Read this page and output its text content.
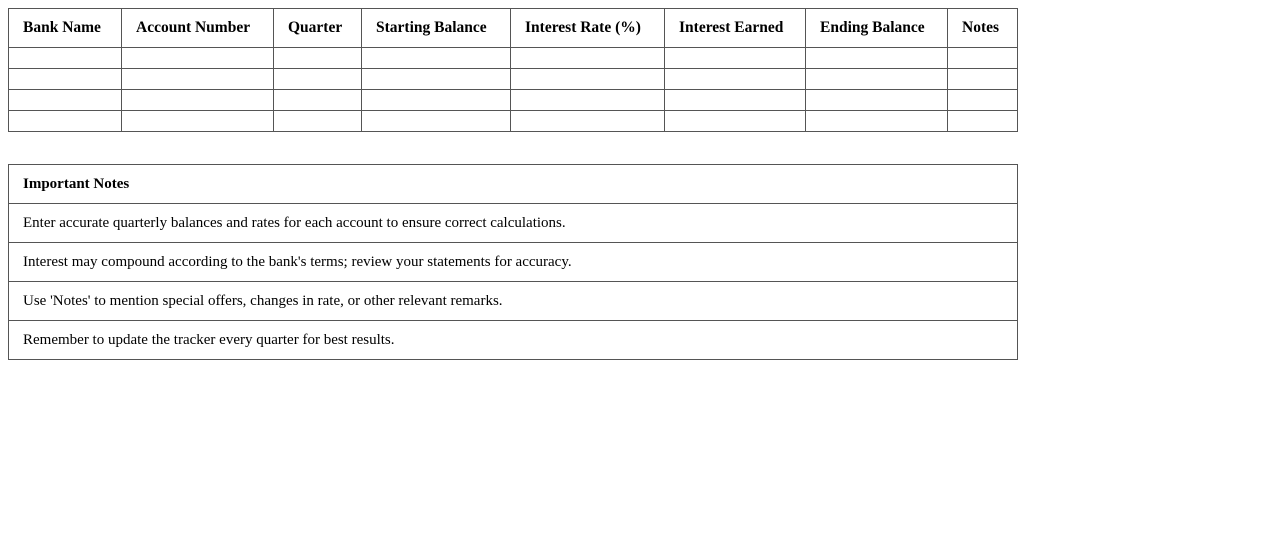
Bank Name	Account Number	Quarter	Starting Balance	Interest Rate (%)	Interest Earned	Ending Balance	Notes

Important Notes
Enter accurate quarterly balances and rates for each account to ensure correct calculations.
Interest may compound according to the bank's terms; review your statements for accuracy.
Use 'Notes' to mention special offers, changes in rate, or other relevant remarks.
Remember to update the tracker every quarter for best results.
